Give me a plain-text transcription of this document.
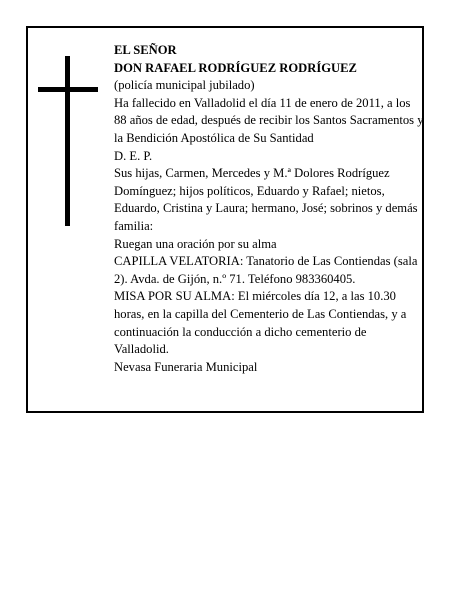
EL SEÑOR

DON RAFAEL RODRÍGUEZ RODRÍGUEZ

(policía municipal jubilado)

Ha fallecido en Valladolid el día 11 de enero de 2011, a los 88 años de edad, después de recibir los Santos Sacramentos y la Bendición Apostólica de Su Santidad

D. E. P.

Sus hijas, Carmen, Mercedes y M.ª Dolores Rodríguez Domínguez; hijos políticos, Eduardo y Rafael; nietos, Eduardo, Cristina y Laura; hermano, José; sobrinos y demás familia:

Ruegan una oración por su alma

CAPILLA VELATORIA: Tanatorio de Las Contiendas (sala 2). Avda. de Gijón, n.º 71. Teléfono 983360405.

MISA POR SU ALMA: El miércoles día 12, a las 10.30 horas, en la capilla del Cementerio de Las Contiendas, y a continuación la conducción a dicho cementerio de Valladolid.

Nevasa Funeraria Municipal
